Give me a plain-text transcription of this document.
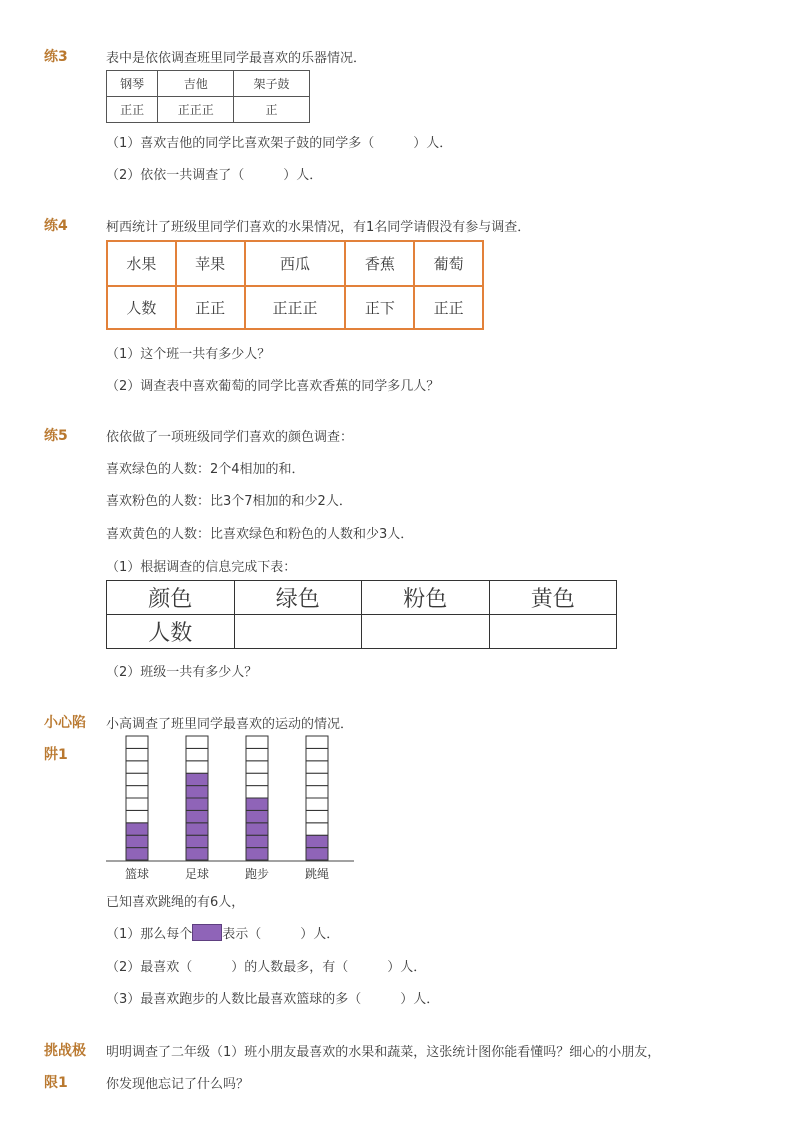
练3	表中是依依调查班里同学最喜欢的乐器情况．
钢琴	吉他	架子鼓
正正	正正正	正
（1）喜欢吉他的同学比喜欢架子鼓的同学多（　　　）人．
（2）依依一共调查了（　　　）人．
练4	柯西统计了班级里同学们喜欢的水果情况，有1名同学请假没有参与调查．
水果	苹果	西瓜	香蕉	葡萄
人数	正正	正正正	正下	正正
（1）这个班一共有多少人？
（2）调查表中喜欢葡萄的同学比喜欢香蕉的同学多几人？
练5	依依做了一项班级同学们喜欢的颜色调查：
喜欢绿色的人数：2个4相加的和．
喜欢粉色的人数：比3个7相加的和少2人．
喜欢黄色的人数：比喜欢绿色和粉色的人数和少3人．
（1）根据调查的信息完成下表：
颜色	绿色	粉色	黄色
人数			
（2）班级一共有多少人？
小心陷
阱1
小高调查了班里同学最喜欢的运动的情况．
篮球	足球	跑步	跳绳
已知喜欢跳绳的有6人，
（1）那么每个 表示（　　　）人．
（2）最喜欢（　　　）的人数最多，有（　　　）人．
（3）最喜欢跑步的人数比最喜欢篮球的多（　　　）人．
挑战极
限1
明明调查了二年级（1）班小朋友最喜欢的水果和蔬菜，这张统计图你能看懂吗？细心的小朋友，
你发现他忘记了什么吗？
